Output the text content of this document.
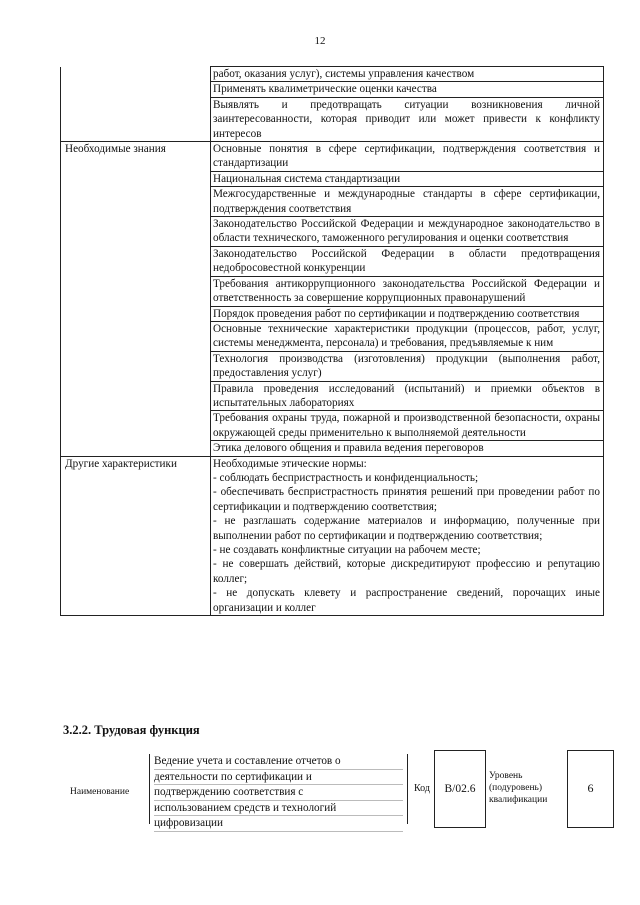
12
	работ, оказания услуг), системы управления качеством
	Применять квалиметрические оценки качества
	Выявлять и предотвращать ситуации возникновения личной заинтересованности, которая приводит или может привести к конфликту интересов

Необходимые знания	Основные понятия в сфере сертификации, подтверждения соответствия и стандартизации
	Национальная система стандартизации
	Межгосударственные и международные стандарты в сфере сертификации, подтверждения соответствия
	Законодательство Российской Федерации и международное законодательство в области технического, таможенного регулирования и оценки соответствия
	Законодательство Российской Федерации в области предотвращения недобросовестной конкуренции
	Требования антикоррупционного законодательства Российской Федерации и ответственность за совершение коррупционных правонарушений
	Порядок проведения работ по сертификации и подтверждению соответствия
	Основные технические характеристики продукции (процессов, работ, услуг, системы менеджмента, персонала) и требования, предъявляемые к ним
	Технология производства (изготовления) продукции (выполнения работ, предоставления услуг)
	Правила проведения исследований (испытаний) и приемки объектов в испытательных лабораториях
	Требования охраны труда, пожарной и производственной безопасности, охраны окружающей среды применительно к выполняемой деятельности
	Этика делового общения и правила ведения переговоров

Другие характеристики	Необходимые этические нормы:
	- соблюдать беспристрастность и конфиденциальность;
	- обеспечивать беспристрастность принятия решений при проведении работ по сертификации и подтверждению соответствия;
	- не разглашать содержание материалов и информацию, полученные при выполнении работ по сертификации и подтверждению соответствия;
	- не создавать конфликтные ситуации на рабочем месте;
	- не совершать действий, которые дискредитируют профессию и репутацию коллег;
	- не допускать клевету и распространение сведений, порочащих иные организации и коллег
3.2.2. Трудовая функция
Наименование
Ведение учета и составление отчетов о
деятельности по сертификации и
подтверждению соответствия с
использованием средств и технологий
цифровизации
Код	B/02.6
Уровень
(подуровень)
квалификации
6
